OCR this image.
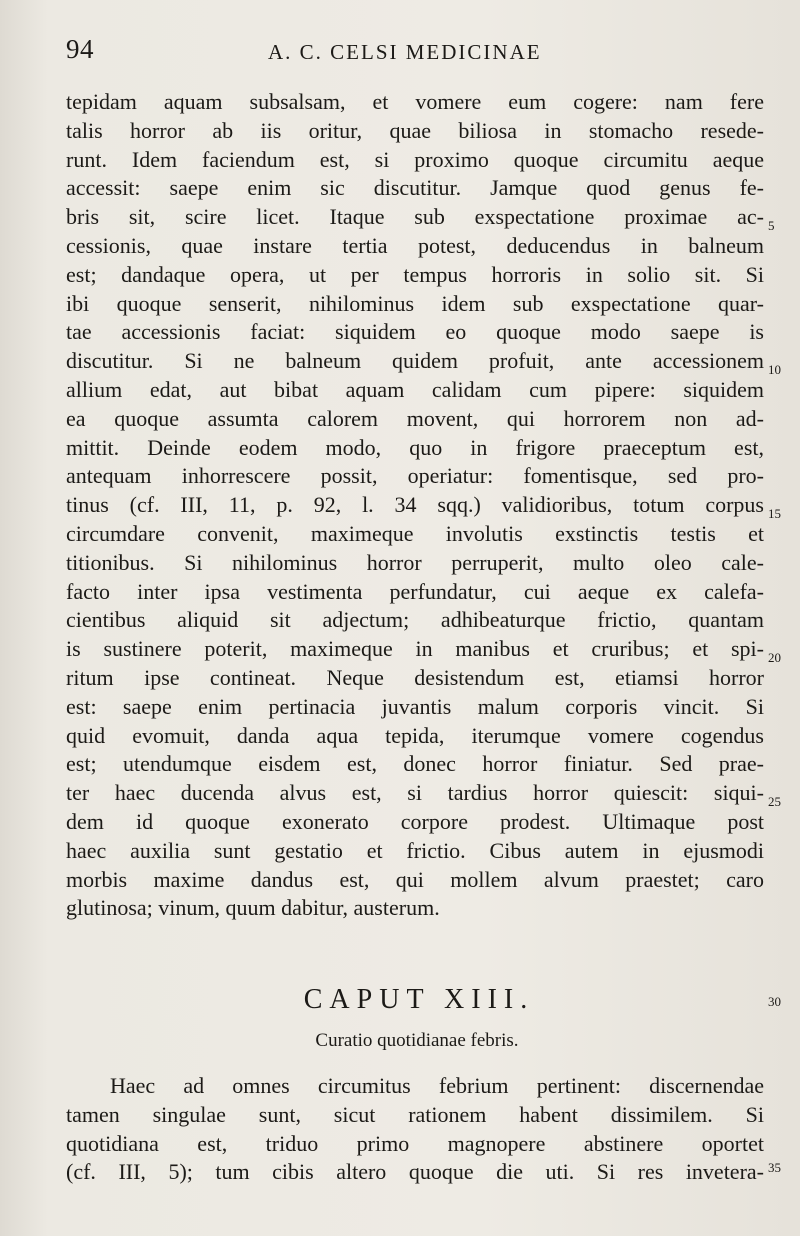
94	A. C. CELSI MEDICINAE
tepidam aquam subsalsam, et vomere eum cogere: nam fere
talis horror ab iis oritur, quae biliosa in stomacho resede-
runt. Idem faciendum est, si proximo quoque circumitu aeque
accessit: saepe enim sic discutitur. Jamque quod genus fe-
bris sit, scire licet. Itaque sub exspectatione proximae ac-
cessionis, quae instare tertia potest, deducendus in balneum
est; dandaque opera, ut per tempus horroris in solio sit. Si
ibi quoque senserit, nihilominus idem sub exspectatione quar-
tae accessionis faciat: siquidem eo quoque modo saepe is
discutitur. Si ne balneum quidem profuit, ante accessionem
allium edat, aut bibat aquam calidam cum pipere: siquidem
ea quoque assumta calorem movent, qui horrorem non ad-
mittit. Deinde eodem modo, quo in frigore praeceptum est,
antequam inhorrescere possit, operiatur: fomentisque, sed pro-
tinus (cf. III, 11, p. 92, l. 34 sqq.) validioribus, totum corpus
circumdare convenit, maximeque involutis exstinctis testis et
titionibus. Si nihilominus horror perruperit, multo oleo cale-
facto inter ipsa vestimenta perfundatur, cui aeque ex calefa-
cientibus aliquid sit adjectum; adhibeaturque frictio, quantam
is sustinere poterit, maximeque in manibus et cruribus; et spi-
ritum ipse contineat. Neque desistendum est, etiamsi horror
est: saepe enim pertinacia juvantis malum corporis vincit. Si
quid evomuit, danda aqua tepida, iterumque vomere cogendus
est; utendumque eisdem est, donec horror finiatur. Sed prae-
ter haec ducenda alvus est, si tardius horror quiescit: siqui-
dem id quoque exonerato corpore prodest. Ultimaque post
haec auxilia sunt gestatio et frictio. Cibus autem in ejusmodi
morbis maxime dandus est, qui mollem alvum praestet; caro
glutinosa; vinum, quum dabitur, austerum.
CAPUT XIII.
Curatio quotidianae febris.
Haec ad omnes circumitus febrium pertinent: discernendae
tamen singulae sunt, sicut rationem habent dissimilem. Si
quotidiana est, triduo primo magnopere abstinere oportet
(cf. III, 5); tum cibis altero quoque die uti. Si res invetera-
5
10
15
20
25
30
35
